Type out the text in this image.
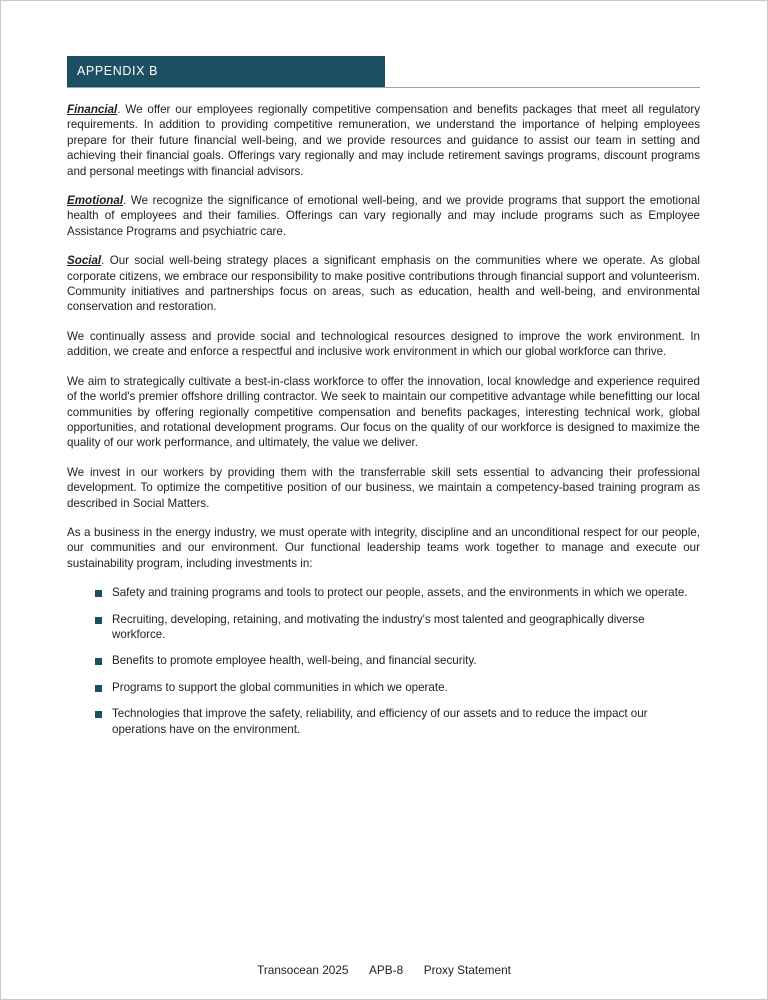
APPENDIX B

Financial. We offer our employees regionally competitive compensation and benefits packages that meet all regulatory requirements. In addition to providing competitive remuneration, we understand the importance of helping employees prepare for their future financial well-being, and we provide resources and guidance to assist our team in setting and achieving their financial goals. Offerings vary regionally and may include retirement savings programs, discount programs and personal meetings with financial advisors.

Emotional. We recognize the significance of emotional well-being, and we provide programs that support the emotional health of employees and their families. Offerings can vary regionally and may include programs such as Employee Assistance Programs and psychiatric care.

Social. Our social well-being strategy places a significant emphasis on the communities where we operate. As global corporate citizens, we embrace our responsibility to make positive contributions through financial support and volunteerism. Community initiatives and partnerships focus on areas, such as education, health and well-being, and environmental conservation and restoration.

We continually assess and provide social and technological resources designed to improve the work environment. In addition, we create and enforce a respectful and inclusive work environment in which our global workforce can thrive.

We aim to strategically cultivate a best-in-class workforce to offer the innovation, local knowledge and experience required of the world's premier offshore drilling contractor. We seek to maintain our competitive advantage while benefitting our local communities by offering regionally competitive compensation and benefits packages, interesting technical work, global opportunities, and rotational development programs. Our focus on the quality of our workforce is designed to maximize the quality of our work performance, and ultimately, the value we deliver.

We invest in our workers by providing them with the transferrable skill sets essential to advancing their professional development. To optimize the competitive position of our business, we maintain a competency-based training program as described in Social Matters.

As a business in the energy industry, we must operate with integrity, discipline and an unconditional respect for our people, our communities and our environment. Our functional leadership teams work together to manage and execute our sustainability program, including investments in:

Safety and training programs and tools to protect our people, assets, and the environments in which we operate.
Recruiting, developing, retaining, and motivating the industry's most talented and geographically diverse workforce.
Benefits to promote employee health, well-being, and financial security.
Programs to support the global communities in which we operate.
Technologies that improve the safety, reliability, and efficiency of our assets and to reduce the impact our operations have on the environment.
Transocean 2025 APB-8 Proxy Statement
